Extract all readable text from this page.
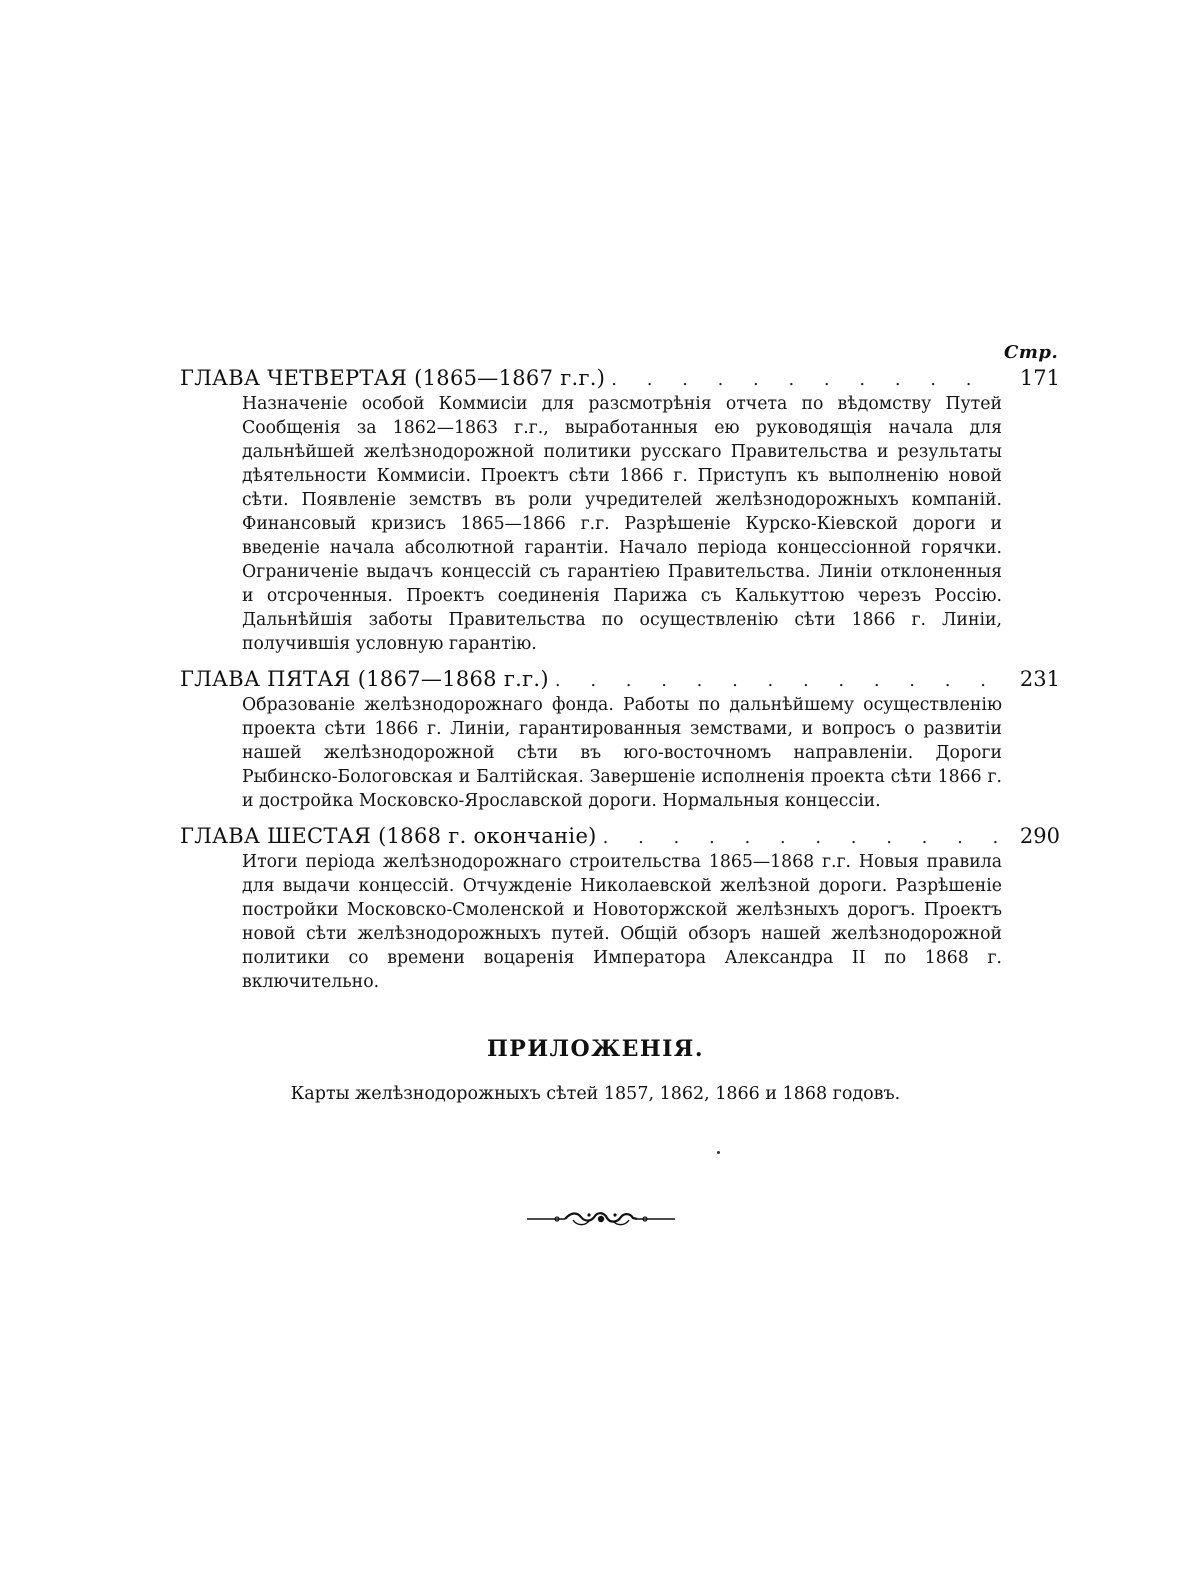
Стр.
ГЛАВА ЧЕТВЕРТАЯ (1865—1867 г.г.) . . .	171
Назначеніе особой Коммисіи для разсмотрѣнія отчета по вѣдомству Путей Сообщенія за 1862—1863 г.г., выработанныя ею руководящія начала для дальнѣйшей желѣзнодорожной политики русскаго Правительства и результаты дѣятельности Коммисіи. Проектъ сѣти 1866 г. Приступъ къ выполненію новой сѣти. Появленіе земствъ въ роли учредителей желѣзнодорожныхъ компаній. Финансовый кризисъ 1865—1866 г.г. Разрѣшеніе Курско-Кіевской дороги и введеніе начала абсолютной гарантіи. Начало періода концессіонной горячки. Ограниченіе выдачъ концессій съ гарантіею Правительства. Линіи отклоненныя и отсроченныя. Проектъ соединенія Парижа съ Калькуттою черезъ Россію. Дальнѣйшія заботы Правительства по осуществленію сѣти 1866 г. Линіи, получившія условную гарантію.
ГЛАВА ПЯТАЯ (1867—1868 г.г.) . . .	231
Образованіе желѣзнодорожнаго фонда. Работы по дальнѣйшему осуществленію проекта сѣти 1866 г. Линіи, гарантированныя земствами, и вопросъ о развитіи нашей желѣзнодорожной сѣти въ юго-восточномъ направленіи. Дороги Рыбинско-Бологовская и Балтійская. Завершеніе исполненія проекта сѣти 1866 г. и достройка Московско-Ярославской дороги. Нормальныя концессіи.
ГЛАВА ШЕСТАЯ (1868 г. окончаніе) . . .	290
Итоги періода желѣзнодорожнаго строительства 1865—1868 г.г. Новыя правила для выдачи концессій. Отчужденіе Николаевской желѣзной дороги. Разрѣшеніе постройки Московско-Смоленской и Новоторжской желѣзныхъ дорогъ. Проектъ новой сѣти желѣзнодорожныхъ путей. Общій обзоръ нашей желѣзнодорожной политики со времени воцаренія Императора Александра II по 1868 г. включительно.
ПРИЛОЖЕНІЯ.
Карты желѣзнодорожныхъ сѣтей 1857, 1862, 1866 и 1868 годовъ.
